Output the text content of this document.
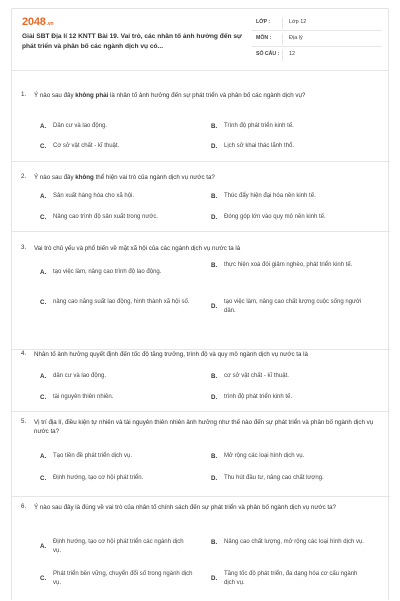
2048.vn
Giải SBT Địa lí 12 KNTT Bài 19. Vai trò, các nhân tố ảnh hưởng đến sự phát triển và phân bố các ngành dịch vụ có...
LỚP :	Lớp 12
MÔN :	Địa lý
SỐ CÂU :	12
1.	Ý nào sau đây không phải là nhân tố ảnh hưởng đến sự phát triển và phân bố các ngành dịch vụ?
A.	Dân cư và lao động.	B.	Trình độ phát triển kinh tế.
C.	Cơ sở vật chất - kĩ thuật.	D.	Lịch sử khai thác lãnh thổ.
2.	Ý nào sau đây không thể hiện vai trò của ngành dịch vụ nước ta?
A.	Sản xuất hàng hóa cho xã hội.	B.	Thúc đẩy hiện đại hóa nền kinh tế.
C.	Nâng cao trình độ sản xuất trong nước.	D.	Đóng góp lớn vào quy mô nền kinh tế.
3.	Vai trò chủ yếu và phổ biến về mặt xã hội của các ngành dịch vụ nước ta là
A.	tạo việc làm, nâng cao trình độ lao động.
B.	thực hiện xoá đói giảm nghèo, phát triển kinh tế.
C.	nâng cao năng suất lao động, hình thành xã hội số.
D.
tạo việc làm, nâng cao chất lượng cuộc sống người dân.
4.	Nhân tố ảnh hưởng quyết định đến tốc độ tăng trưởng, trình độ và quy mô ngành dịch vụ nước ta là
A.	dân cư và lao động.	B.	cơ sở vật chất - kĩ thuật.
C.	tài nguyên thiên nhiên.	D.	trình độ phát triển kinh tế.
5.	Vị trí địa lí, điều kiện tự nhiên và tài nguyên thiên nhiên ảnh hưởng như thế nào đến sự phát triển và phân bố ngành dịch vụ nước ta?
A.	Tạo tiền đề phát triển dịch vụ.	B.	Mở rộng các loại hình dịch vụ.
C.	Định hướng, tạo cơ hội phát triển.	D.	Thu hút đầu tư, nâng cao chất lượng.
6.	Ý nào sau đây là đúng về vai trò của nhân tố chính sách đến sự phát triển và phân bố ngành dịch vụ nước ta?
A.
Định hướng, tạo cơ hội phát triển các ngành dịch vụ.
B.	Nâng cao chất lượng, mở rộng các loại hình dịch vụ.
C.
Phát triển bền vững, chuyển đổi số trong ngành dịch vụ.
D.
Tăng tốc độ phát triển, đa dạng hóa cơ cấu ngành dịch vụ.
